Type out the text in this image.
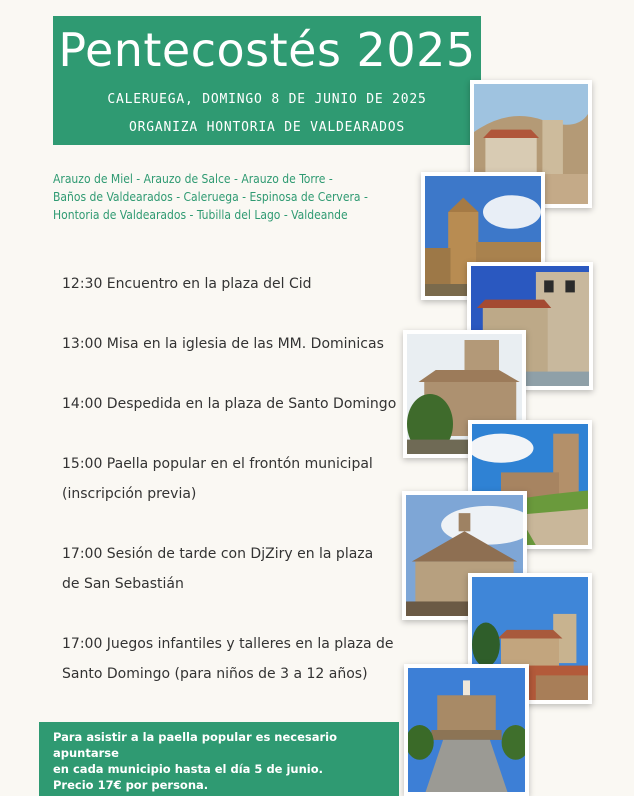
Pentecostés 2025
CALERUEGA, DOMINGO 8 DE JUNIO DE 2025
ORGANIZA HONTORIA DE VALDEARADOS
Arauzo de Miel - Arauzo de Salce - Arauzo de Torre -
Baños de Valdearados - Caleruega - Espinosa de Cervera -
Hontoria de Valdearados - Tubilla del Lago - Valdeande
12:30 Encuentro en la plaza del Cid
13:00 Misa en la iglesia de las MM. Dominicas
14:00 Despedida en la plaza de Santo Domingo
15:00 Paella popular en el frontón municipal
(inscripción previa)
17:00 Sesión de tarde con DjZiry en la plaza
de San Sebastián
17:00 Juegos infantiles y talleres en la plaza de
Santo Domingo (para niños de 3 a 12 años)
Para asistir a la paella popular es necesario apuntarse
en cada municipio hasta el día 5 de junio.
Precio 17€ por persona.
